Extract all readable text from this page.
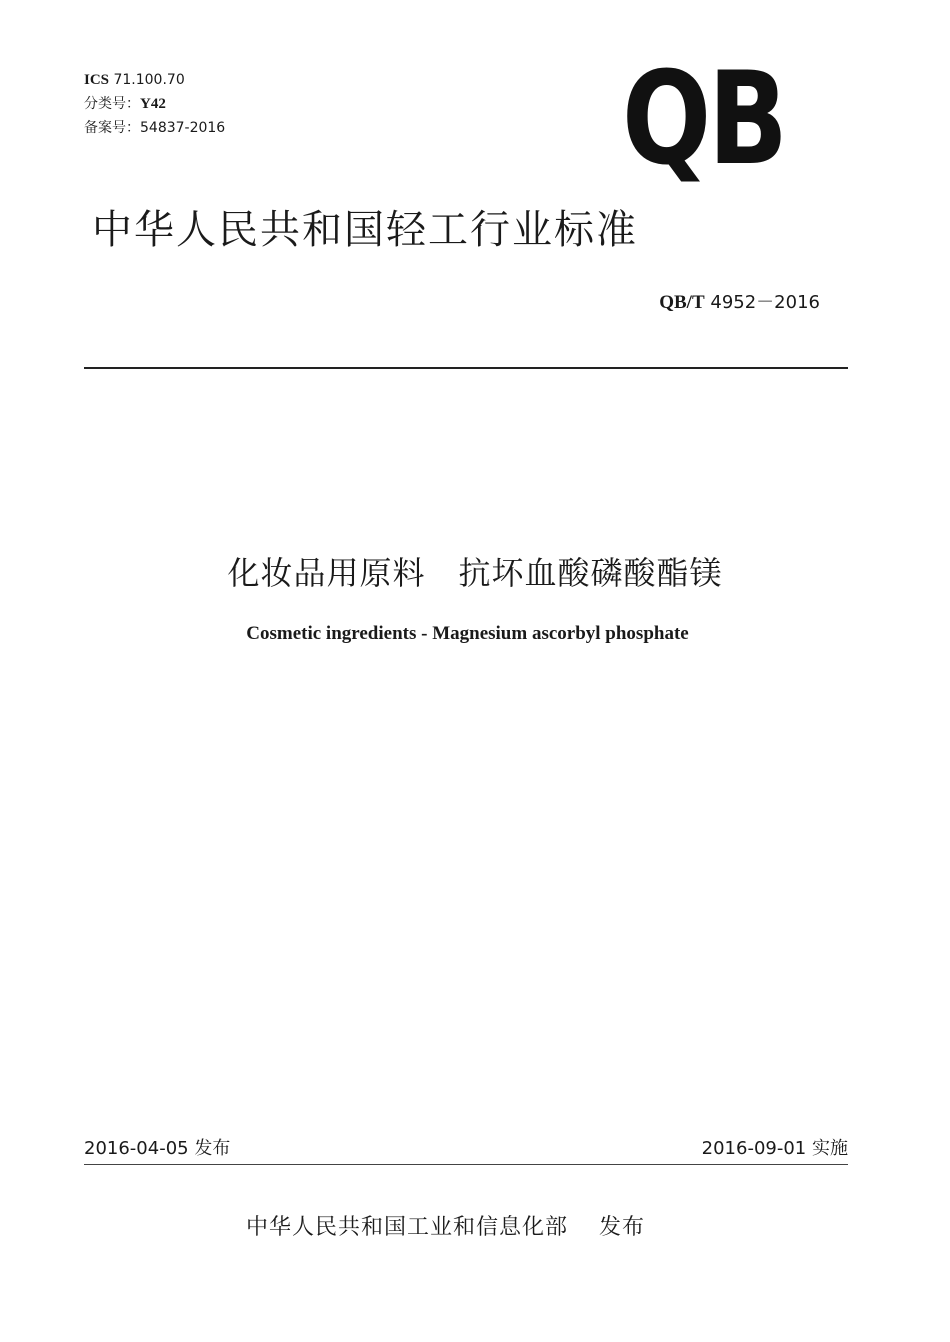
ICS 71.100.70
分类号：Y42
备案号：54837-2016	QB
中华人民共和国轻工行业标准
QB/T 4952－2016
化妆品用原料　抗坏血酸磷酸酯镁
Cosmetic ingredients - Magnesium ascorbyl phosphate
2016-04-05 发布	2016-09-01 实施
中华人民共和国工业和信息化部　 发布
